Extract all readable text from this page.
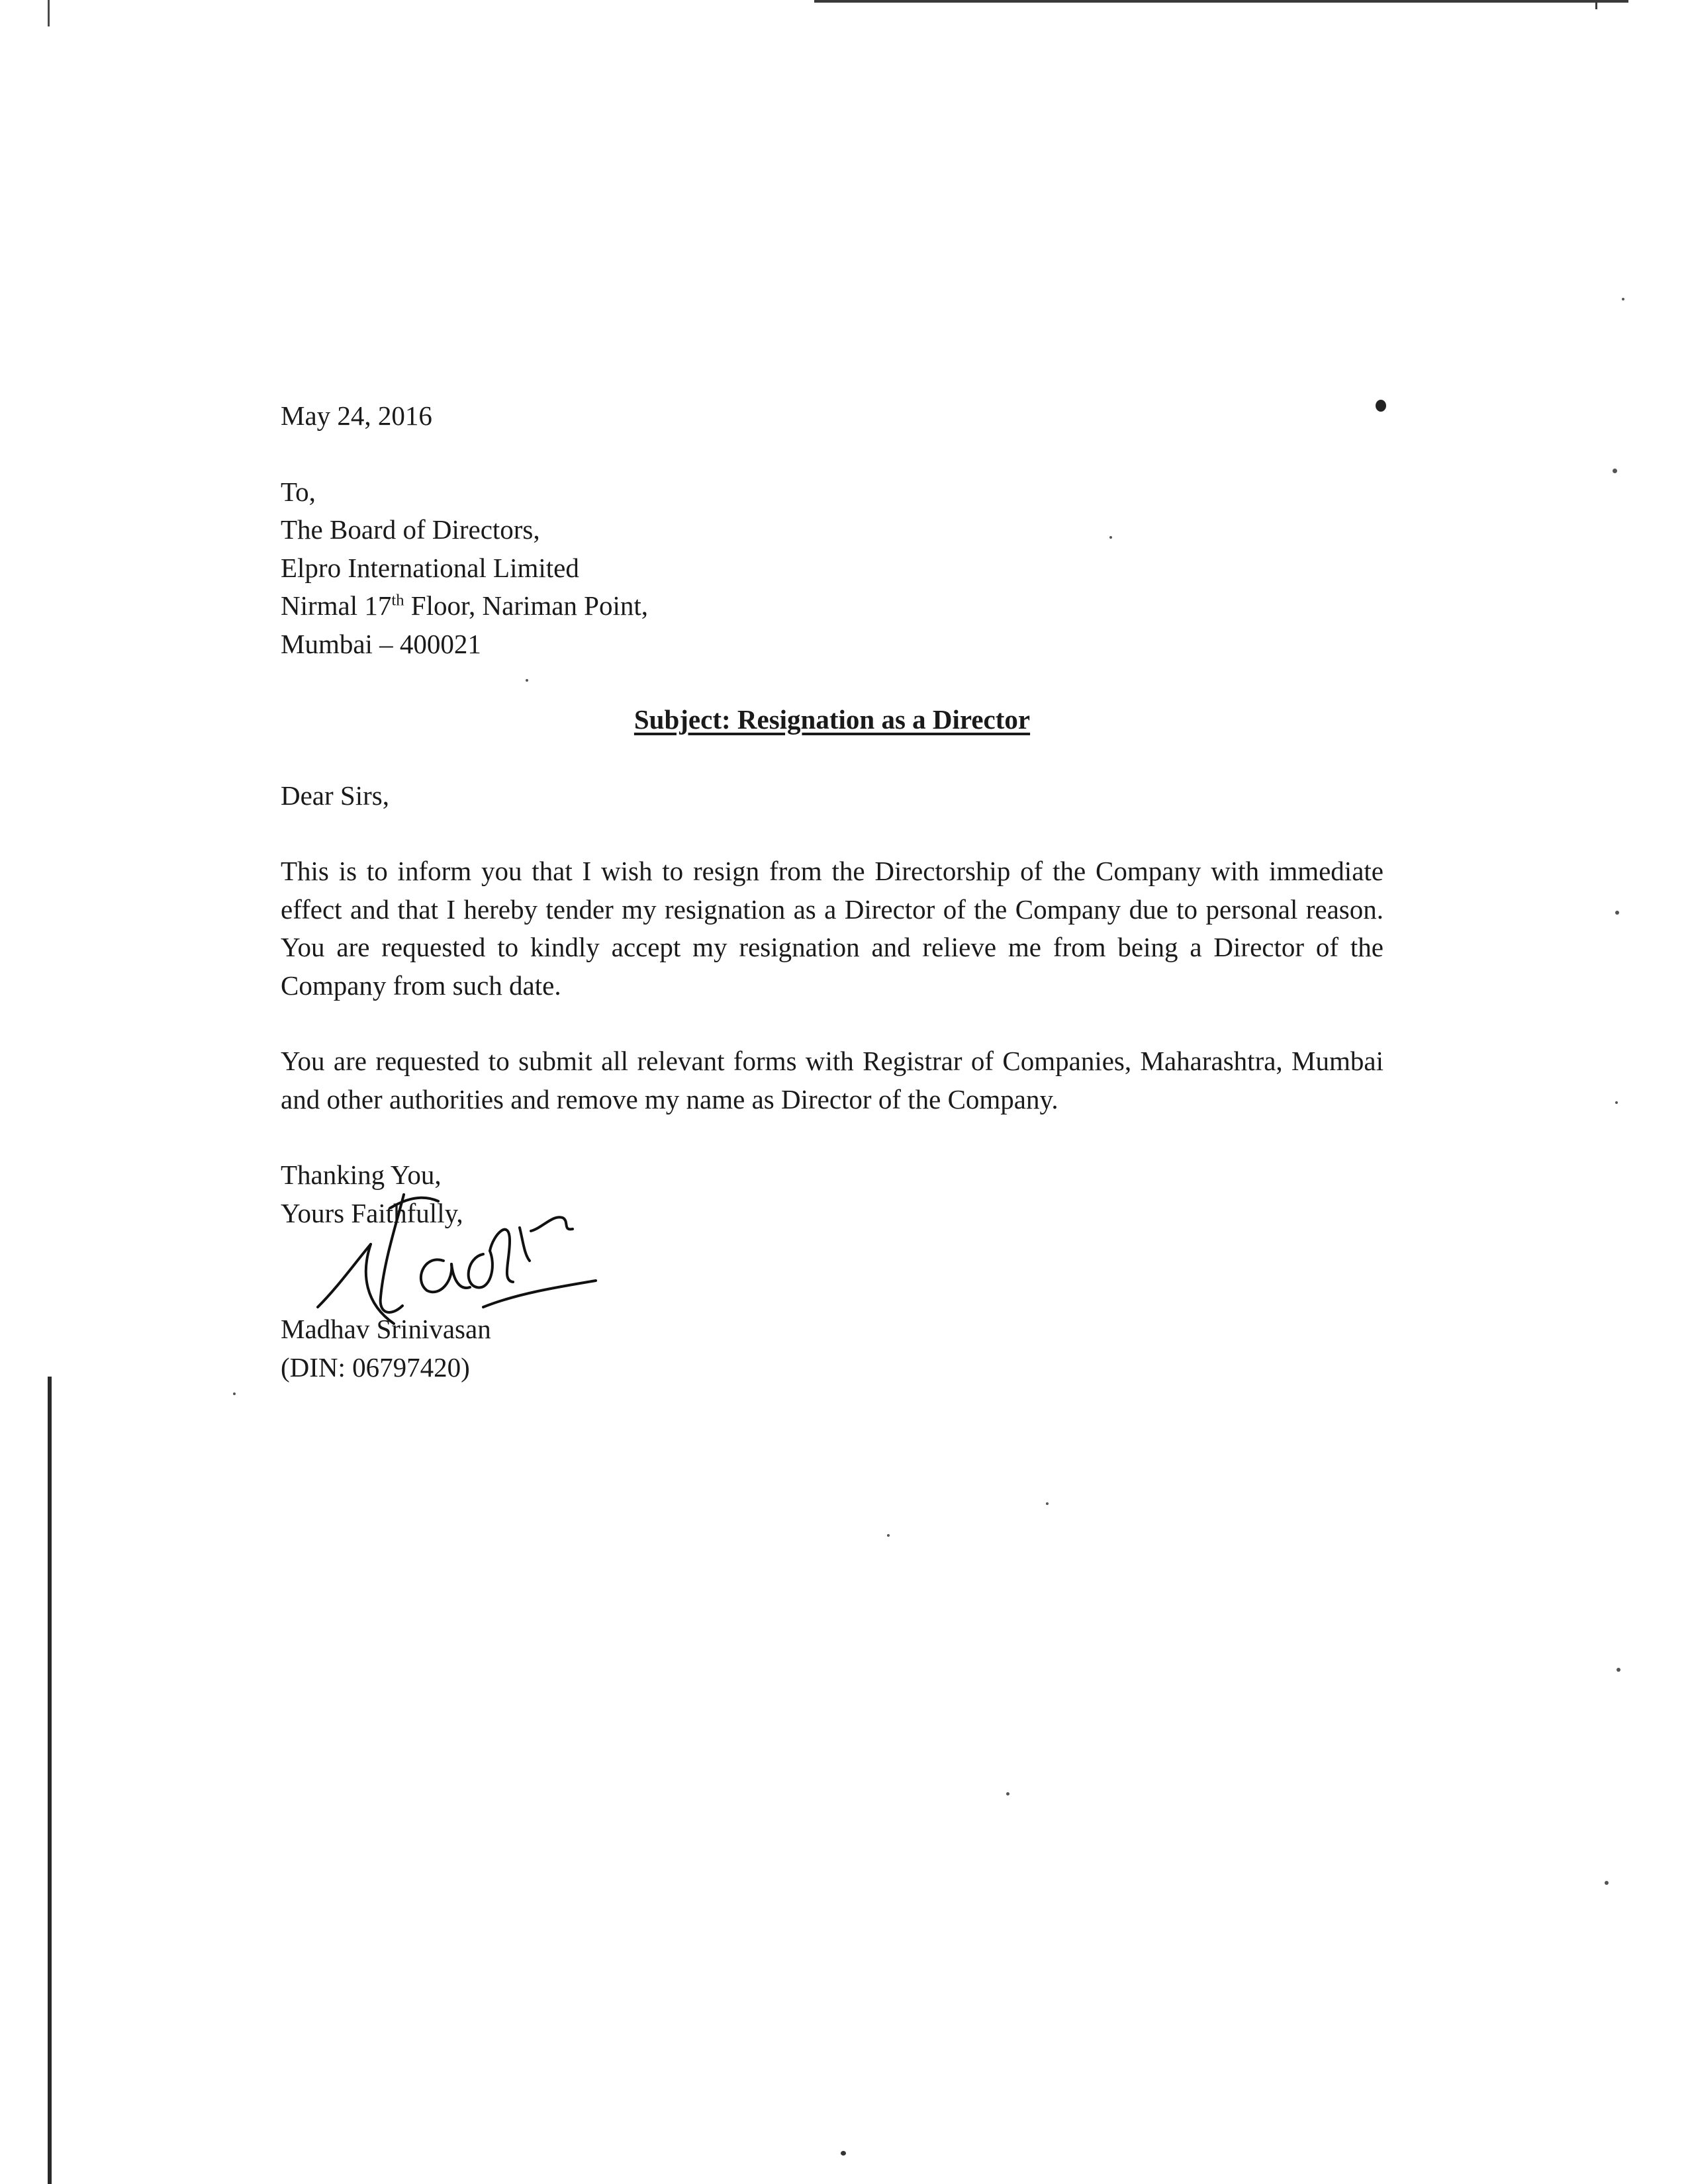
May 24, 2016
To,
The Board of Directors,
Elpro International Limited
Nirmal 17th Floor, Nariman Point,
Mumbai – 400021
Subject: Resignation as a Director
Dear Sirs,
This is to inform you that I wish to resign from the Directorship of the Company with immediate effect and that I hereby tender my resignation as a Director of the Company due to personal reason. You are requested to kindly accept my resignation and relieve me from being a Director of the Company from such date.
You are requested to submit all relevant forms with Registrar of Companies, Maharashtra, Mumbai and other authorities and remove my name as Director of the Company.
Thanking You,
Yours Faithfully,
Madhav Srinivasan
(DIN: 06797420)
